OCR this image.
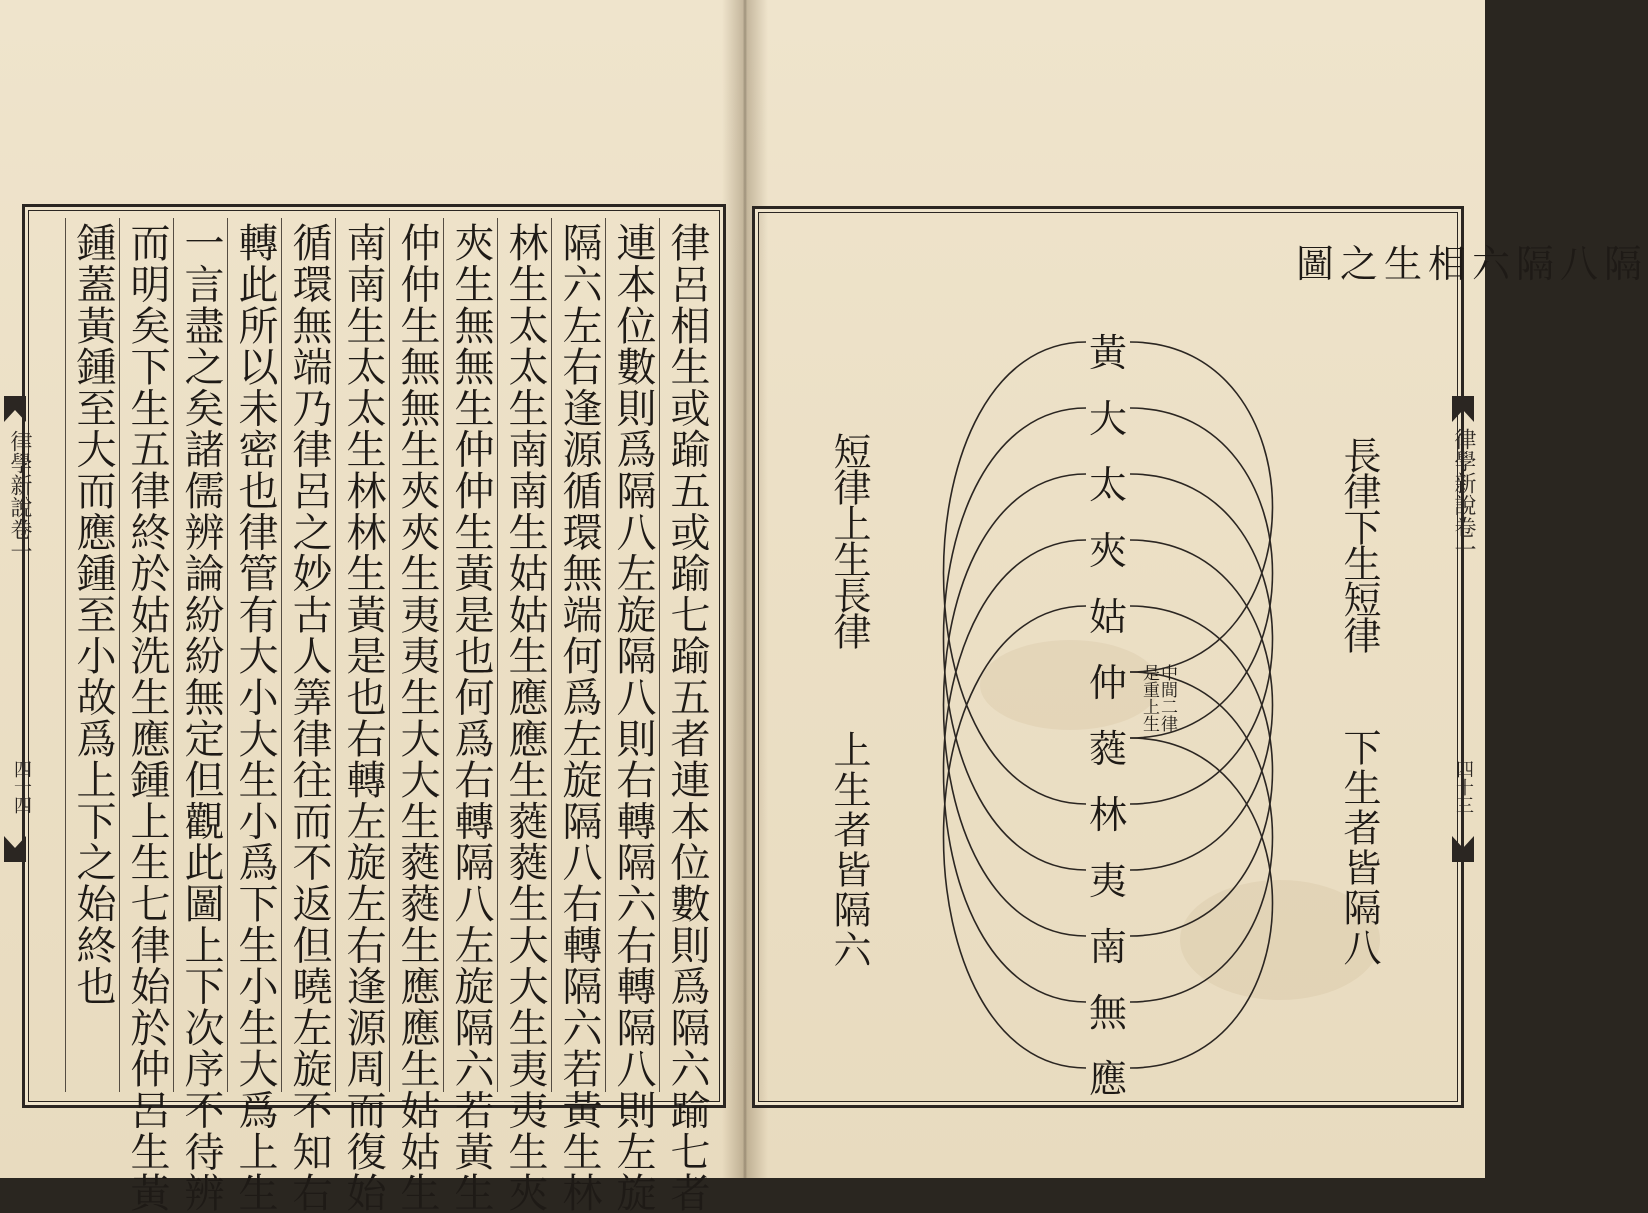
律呂相生或踰五或踰七踰五者連本位數則爲隔六踰七者
連本位數則爲隔八左旋隔八則右轉隔六右轉隔八則左旋
隔六左右逢源循環無端何爲左旋隔八右轉隔六若黃生林
林生太太生南南生姑姑生應應生蕤蕤生大大生夷夷生夾
夾生無無生仲仲生黃是也何爲右轉隔八左旋隔六若黃生
仲仲生無無生夾夾生夷夷生大大生蕤蕤生應應生姑姑生
南南生太太生林林生黃是也右轉左旋左右逢源周而復始
循環無端乃律呂之妙古人筭律往而不返但曉左旋不知右
轉此所以未密也律管有大小大生小爲下生小生大爲上生
一言盡之矣諸儒辨論紛紛無定但觀此圖上下次序不待辨
而明矣下生五律終於姑洗生應鍾上生七律始於仲呂生黃
鍾蓋黃鍾至大而應鍾至小故爲上下之始終也
律學新說卷一
四十四
律學新說卷一
四十三
隔八隔六相生之圖
黃
大
太
夾
姑
仲
蕤
林
夷
南
無
應
長律下生短律
下生者皆隔八
短律上生長律
上生者皆隔六
中間二律
是重上生
